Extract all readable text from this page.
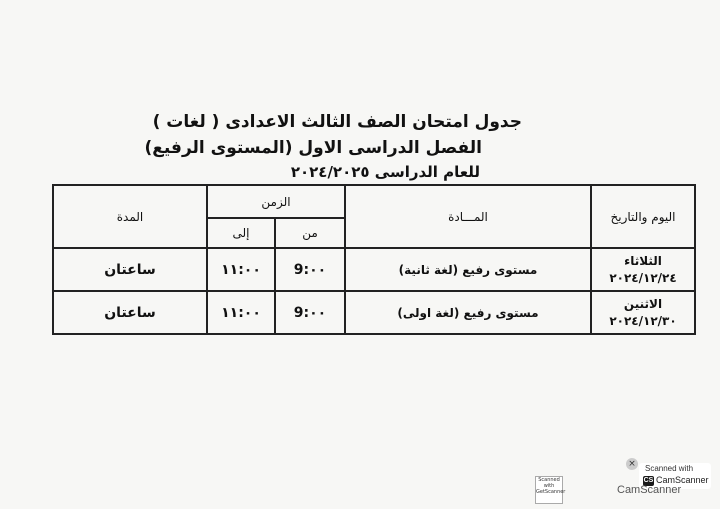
جدول امتحان الصف الثالث الاعدادى ( لغات )
الفصل الدراسى الاول (المستوى الرفيع)
للعام الدراسى ٢٠٢٤/٢٠٢٥
اليوم والتاريخ	المـــادة	الزمن		المدة
		من	إلى	

الثلاثاء
٢٠٢٤/١٢/٢٤	مستوى رفيع (لغة ثانية)	9:٠٠	١١:٠٠	ساعتان

الاثنين
٢٠٢٤/١٢/٣٠	مستوى رفيع (لغة اولى)	9:٠٠	١١:٠٠	ساعتان
Scanned with GetScanner
× Scanned with
CS CamScanner
CamScanner
